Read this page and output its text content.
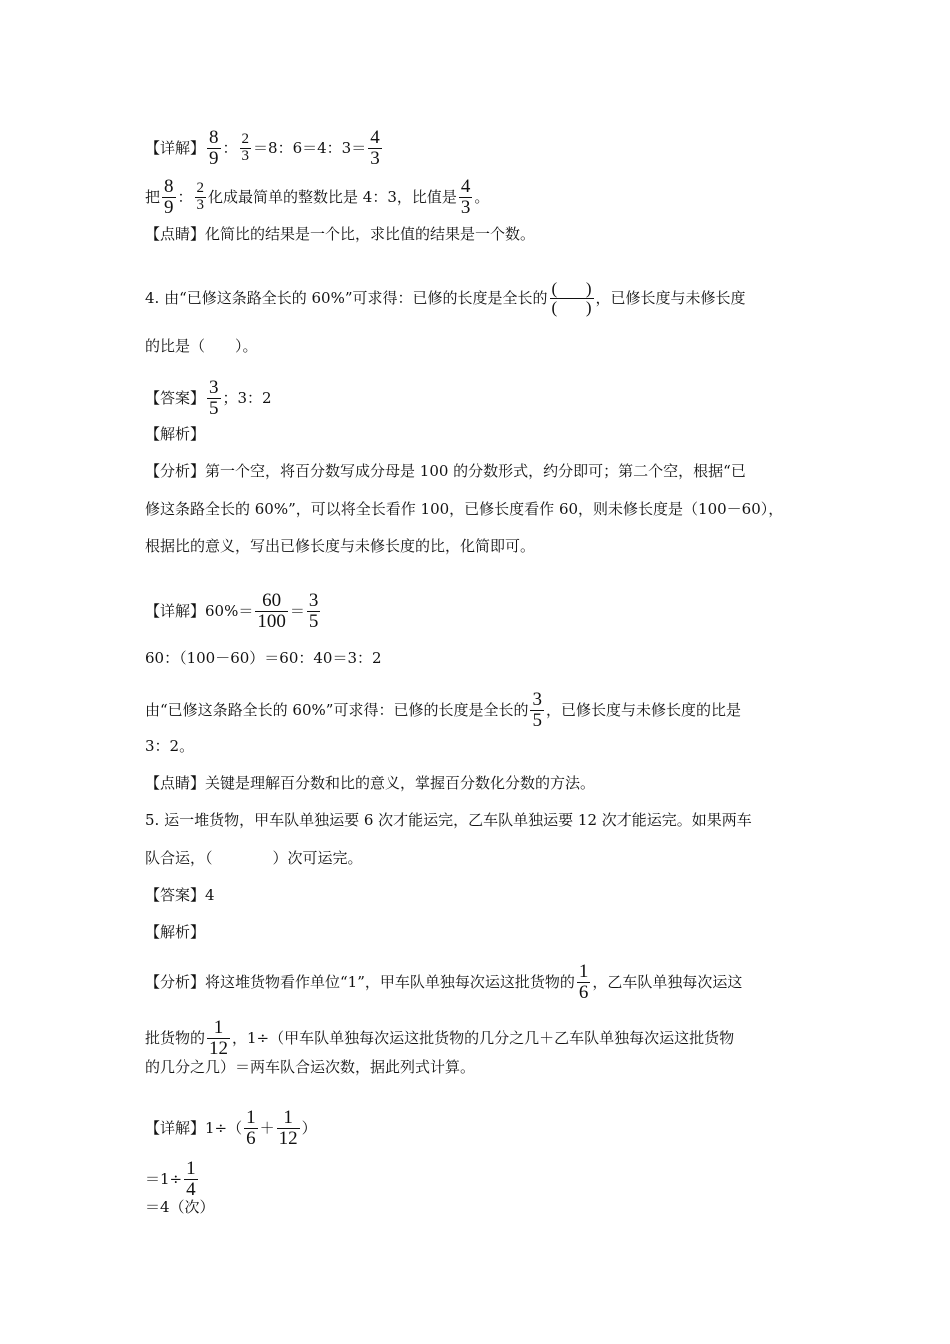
【详解】 $\frac{8}{9}$ ： $\frac{2}{3} =8$：6＝4：$3= \frac{4}{3}$
把 $\frac{8}{9}$ ： $\frac{2}{3}$ 化成最简单的整数比是 4：3，比值是 $\frac{4}{3}$ 。
【点睛】化简比的结果是一个比，求比值的结果是一个数。
4. 由“已修这条路全长的 60%”可求得：已修的长度是全长的 $\frac{( )}{( )}$ ，已修长度与未修长度
的比是（　　）。
【答案】 $\frac{3}{5}$ ；3：2
【解析】
【分析】第一个空，将百分数写成分母是 100 的分数形式，约分即可；第二个空，根据“已
修这条路全长的 60%”，可以将全长看作 100，已修长度看作 60，则未修长度是（100－60），
根据比的意义，写出已修长度与未修长度的比，化简即可。
【详解】$60\%= \frac{60}{100} = \frac{3}{5}$
60：（100－60）＝60：40＝3：2
由“已修这条路全长的 60%”可求得：已修的长度是全长的 $\frac{3}{5}$ ，已修长度与未修长度的比是
3：2。
【点睛】关键是理解百分数和比的意义，掌握百分数化分数的方法。
5. 运一堆货物，甲车队单独运要 6 次才能运完，乙车队单独运要 12 次才能运完。如果两车
队合运，（　　　　）次可运完。
【答案】4
【解析】
【分析】将这堆货物看作单位“1”，甲车队单独每次运这批货物的 $\frac{1}{6}$ ，乙车队单独每次运这
批货物的 $\frac{1}{12}$ ，1÷（甲车队单独每次运这批货物的几分之几＋乙车队单独每次运这批货物
的几分之几）＝两车队合运次数，据此列式计算。
【详解】$1\div( \frac{1}{6} + \frac{1}{12}$ ）
$=1\div \frac{1}{4}$
＝4（次）
